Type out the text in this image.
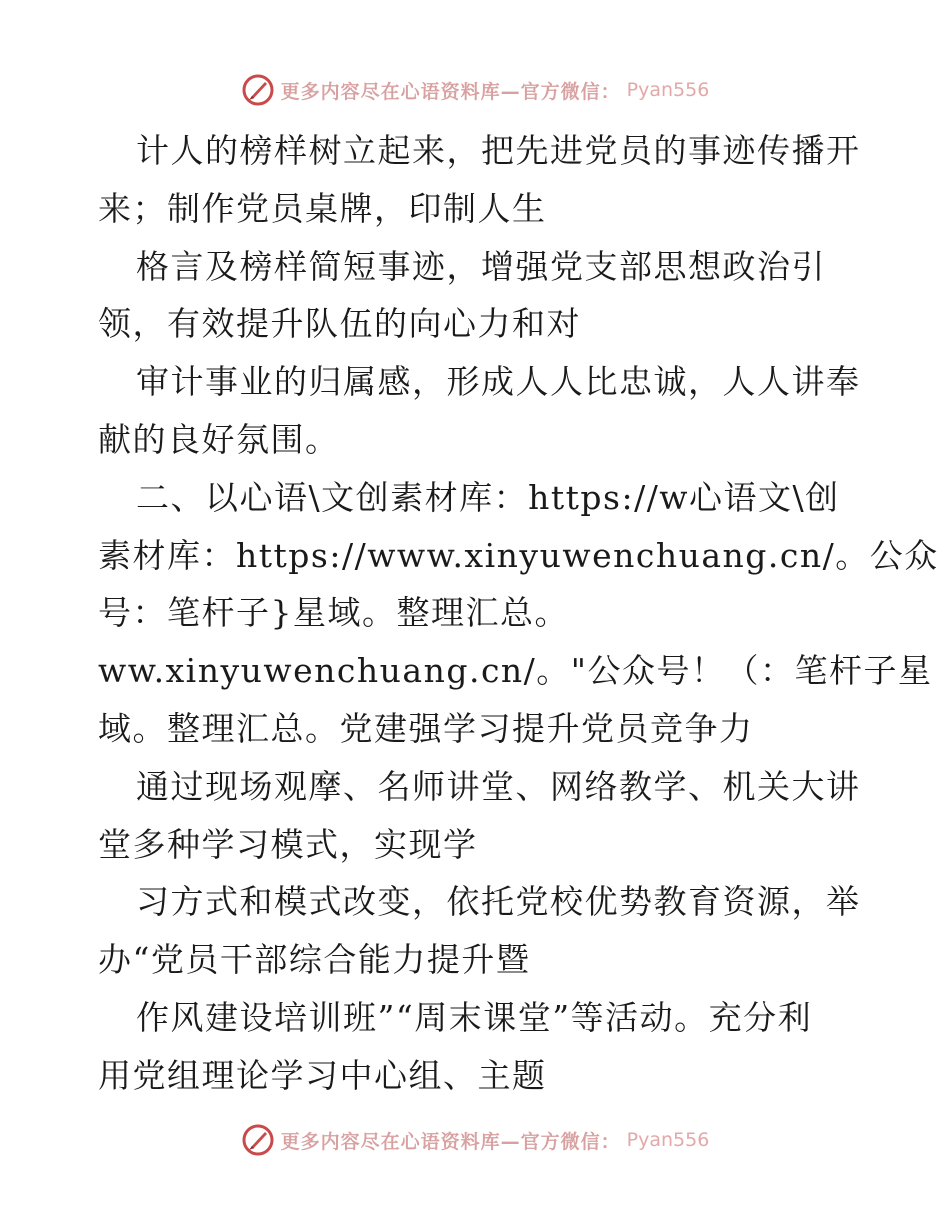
更多内容尽在心语资料库—官方微信： Pyan556
计人的榜样树立起来，把先进党员的事迹传播开
来；制作党员桌牌，印制人生
格言及榜样简短事迹，增强党支部思想政治引
领，有效提升队伍的向心力和对
审计事业的归属感，形成人人比忠诚，人人讲奉
献的良好氛围。
二、以心语\文创素材库：https://w心语文\创
素材库：https://www.xinyuwenchuang.cn/。公众
号：笔杆子}星域。整理汇总。
ww.xinyuwenchuang.cn/。"公众号！（：笔杆子星
域。整理汇总。党建强学习提升党员竞争力
通过现场观摩、名师讲堂、网络教学、机关大讲
堂多种学习模式，实现学
习方式和模式改变，依托党校优势教育资源，举
办“党员干部综合能力提升暨
作风建设培训班”“周末课堂”等活动。充分利
用党组理论学习中心组、主题
更多内容尽在心语资料库—官方微信： Pyan556
